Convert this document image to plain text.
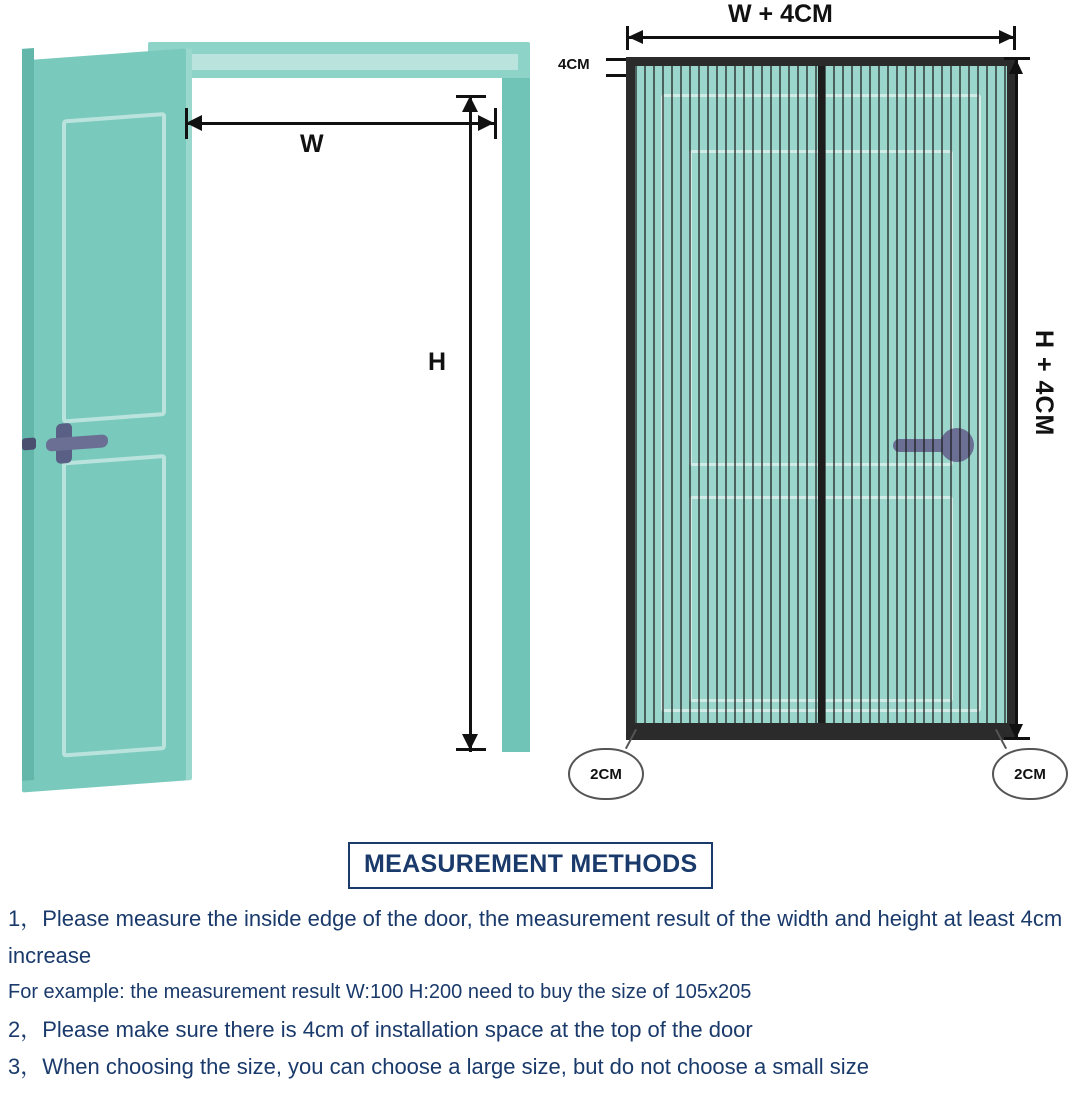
W
H
W + 4CM
4CM
H + 4CM
2CM	2CM
MEASUREMENT METHODS

1，Please measure the inside edge of the door, the measurement result of the width and height at least 4cm increase

For example: the measurement result W:100 H:200 need to buy the size of 105x205

2，Please make sure there is 4cm of installation space at the top of the door

3，When choosing the size, you can choose a large size, but do not choose a small size
